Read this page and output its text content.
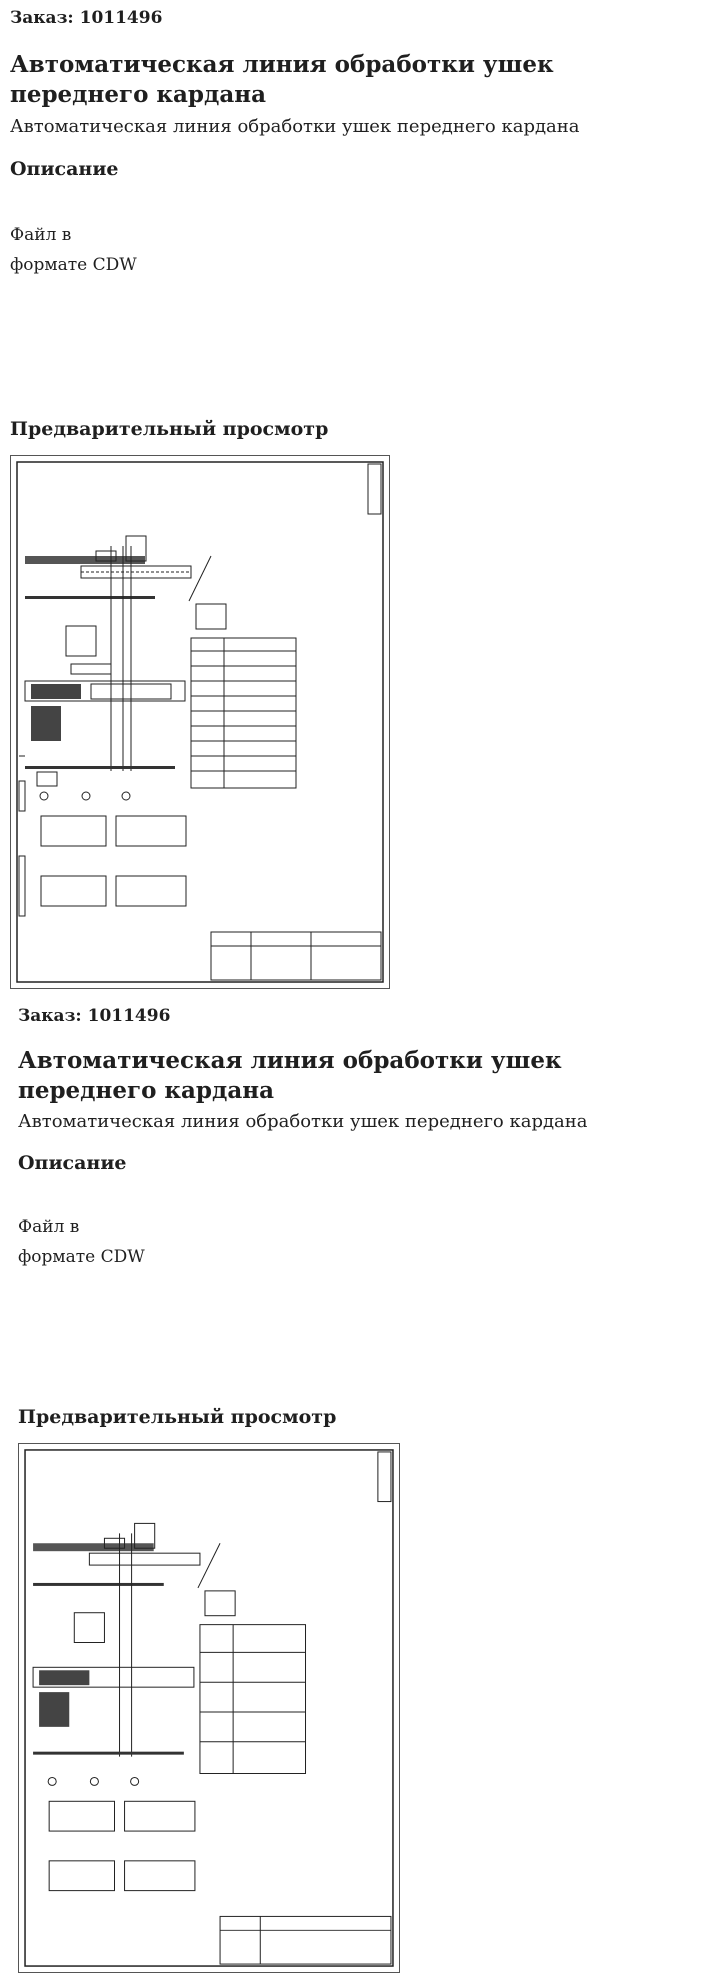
Заказ: 1011496
Автоматическая линия обработки ушек переднего кардана
Автоматическая линия обработки ушек переднего кардана
Описание
Файл в
формате CDW
Предварительный просмотр
Заказ: 1011496
Автоматическая линия обработки ушек переднего кардана
Автоматическая линия обработки ушек переднего кардана
Описание
Файл в
формате CDW
Предварительный просмотр
